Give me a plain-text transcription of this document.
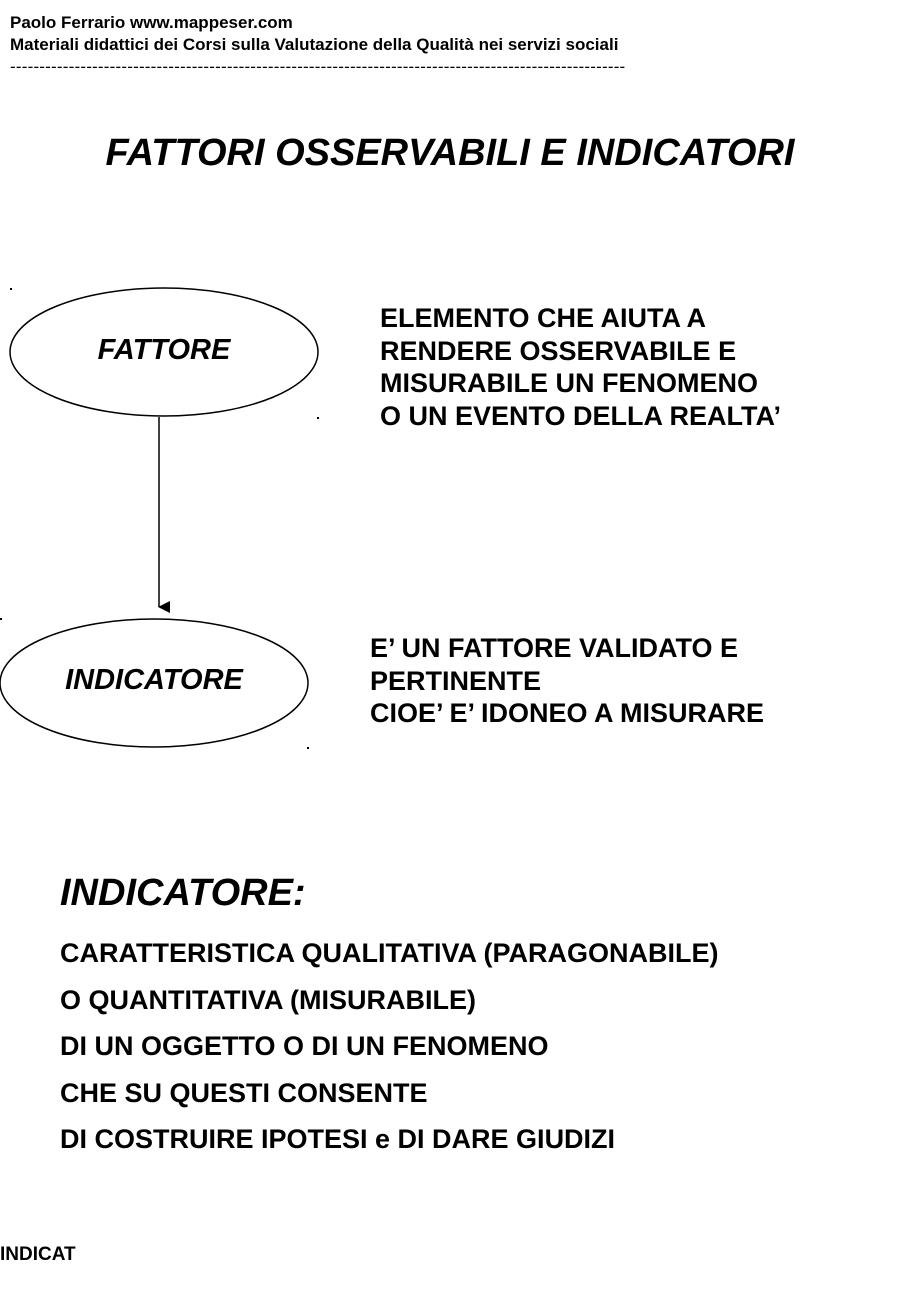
Paolo Ferrario www.mappeser.com
Materiali didattici dei Corsi sulla Valutazione della Qualità nei servizi sociali
---------------------------------------------------------------------------------------------------------
FATTORI OSSERVABILI E INDICATORI
FATTORE
INDICATORE
ELEMENTO CHE AIUTA A
RENDERE OSSERVABILE E
MISURABILE UN FENOMENO
O UN EVENTO DELLA REALTA’
E’ UN FATTORE VALIDATO E
PERTINENTE
CIOE’ E’ IDONEO A MISURARE
INDICATORE:
CARATTERISTICA QUALITATIVA (PARAGONABILE)
O QUANTITATIVA (MISURABILE)
DI UN OGGETTO O DI UN FENOMENO
CHE SU QUESTI CONSENTE
DI COSTRUIRE IPOTESI e DI DARE GIUDIZI
INDICAT
